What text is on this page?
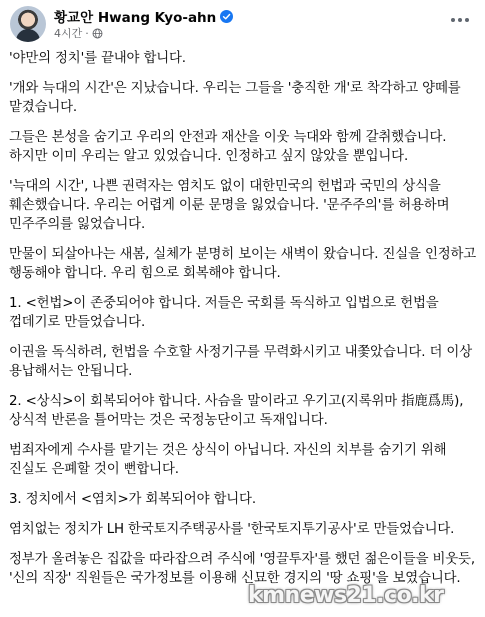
황교안 Hwang Kyo-ahn
4시간 ·

'야만의 정치'를 끝내야 합니다.

'개와 늑대의 시간'은 지났습니다. 우리는 그들을 '충직한 개'로 착각하고 양떼를 맡겼습니다.

그들은 본성을 숨기고 우리의 안전과 재산을 이웃 늑대와 함께 갈취했습니다. 하지만 이미 우리는 알고 있었습니다. 인정하고 싶지 않았을 뿐입니다.

'늑대의 시간', 나쁜 권력자는 염치도 없이 대한민국의 헌법과 국민의 상식을 훼손했습니다. 우리는 어렵게 이룬 문명을 잃었습니다. '문주주의'를 허용하며 민주주의를 잃었습니다.

만물이 되살아나는 새봄, 실체가 분명히 보이는 새벽이 왔습니다. 진실을 인정하고 행동해야 합니다. 우리 힘으로 회복해야 합니다.

1. <헌법>이 존중되어야 합니다. 저들은 국회를 독식하고 입법으로 헌법을 껍데기로 만들었습니다.

이권을 독식하려, 헌법을 수호할 사정기구를 무력화시키고 내쫓았습니다. 더 이상 용납해서는 안됩니다.

2. <상식>이 회복되어야 합니다. 사슴을 말이라고 우기고(지록위마 指鹿爲馬), 상식적 반론을 틀어막는 것은 국정농단이고 독재입니다.

범죄자에게 수사를 맡기는 것은 상식이 아닙니다. 자신의 치부를 숨기기 위해 진실도 은폐할 것이 뻔합니다.

3. 정치에서 <염치>가 회복되어야 합니다.

염치없는 정치가 LH 한국토지주택공사를 '한국토지투기공사'로 만들었습니다.

정부가 올려놓은 집값을 따라잡으려 주식에 '영끌투자'를 했던 젊은이들을 비웃듯, '신의 직장' 직원들은 국가정보를 이용해 신묘한 경지의 '땅 쇼핑'을 보였습니다.

kmnews21.co.kr
